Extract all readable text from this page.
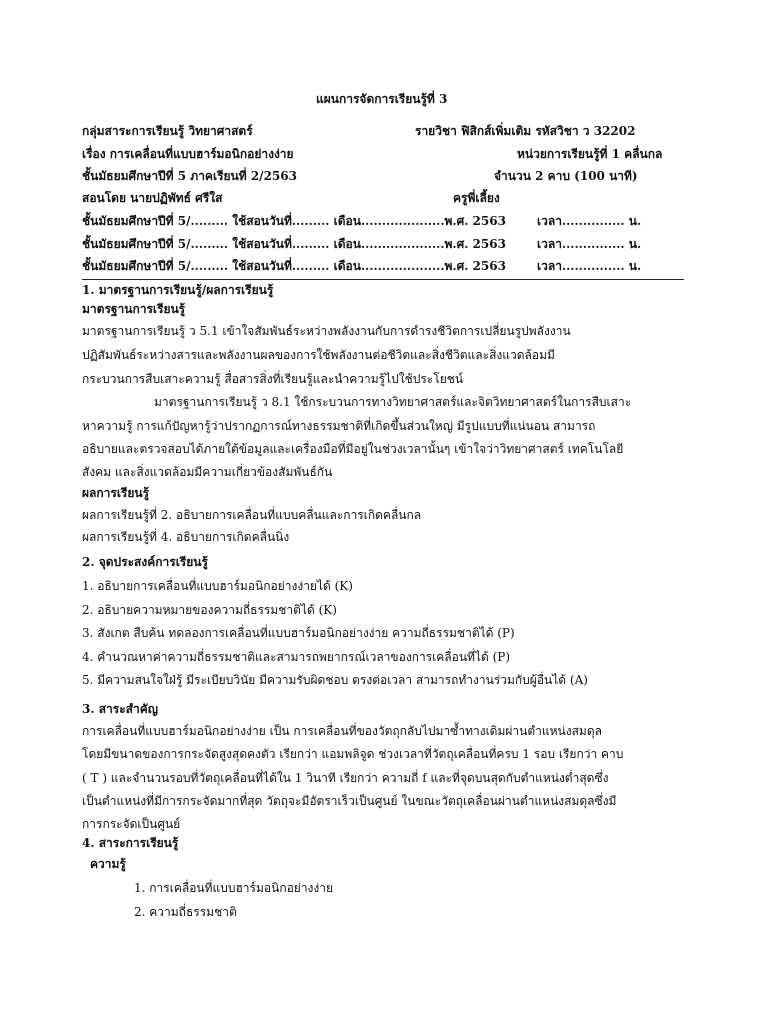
แผนการจัดการเรียนรู้ที่ 3
กลุ่มสาระการเรียนรู้ วิทยาศาสตร์	รายวิชา ฟิสิกส์เพิ่มเติม รหัสวิชา ว 32202
เรื่อง การเคลื่อนที่แบบฮาร์มอนิกอย่างง่าย	หน่วยการเรียนรู้ที่ 1 คลื่นกล
ชั้นมัธยมศึกษาปีที่ 5 ภาคเรียนที่ 2/2563	จำนวน 2 คาบ (100 นาที)
สอนโดย นายปฏิพัทธ์ ศรีใส	ครูพี่เลี้ยง
ชั้นมัธยมศึกษาปีที่ 5/......... ใช้สอนวันที่......... เดือน....................พ.ศ. 2563	เวลา............... น.
ชั้นมัธยมศึกษาปีที่ 5/......... ใช้สอนวันที่......... เดือน....................พ.ศ. 2563	เวลา............... น.
ชั้นมัธยมศึกษาปีที่ 5/......... ใช้สอนวันที่......... เดือน....................พ.ศ. 2563	เวลา............... น.
1. มาตรฐานการเรียนรู้/ผลการเรียนรู้
มาตรฐานการเรียนรู้
มาตรฐานการเรียนรู้ ว 5.1 เข้าใจสัมพันธ์ระหว่างพลังงานกับการดำรงชีวิตการเปลี่ยนรูปพลังงาน
ปฏิสัมพันธ์ระหว่างสารและพลังงานผลของการใช้พลังงานต่อชีวิตและสิ่งชีวิตและสิ่งแวดล้อมมี
กระบวนการสืบเสาะความรู้ สื่อสารสิ่งที่เรียนรู้และนำความรู้ไปใช้ประโยชน์
มาตรฐานการเรียนรู้ ว 8.1 ใช้กระบวนการทางวิทยาศาสตร์และจิตวิทยาศาสตร์ในการสืบเสาะ
หาความรู้ การแก้ปัญหารู้ว่าปรากฏการณ์ทางธรรมชาติที่เกิดขึ้นส่วนใหญ่ มีรูปแบบที่แน่นอน สามารถ
อธิบายและตรวจสอบได้ภายใต้ข้อมูลและเครื่องมือที่มีอยู่ในช่วงเวลานั้นๆ เข้าใจว่าวิทยาศาสตร์ เทคโนโลยี
สังคม และสิ่งแวดล้อมมีความเกี่ยวข้องสัมพันธ์กัน
ผลการเรียนรู้
ผลการเรียนรู้ที่ 2. อธิบายการเคลื่อนที่แบบคลื่นและการเกิดคลื่นกล
ผลการเรียนรู้ที่ 4. อธิบายการเกิดคลื่นนิ่ง
2. จุดประสงค์การเรียนรู้
1. อธิบายการเคลื่อนที่แบบฮาร์มอนิกอย่างง่ายได้ (K)
2. อธิบายความหมายของความถี่ธรรมชาติได้ (K)
3. สังเกต สืบค้น ทดลองการเคลื่อนที่แบบฮาร์มอนิกอย่างง่าย ความถี่ธรรมชาติได้ (P)
4. คำนวณหาค่าความถี่ธรรมชาติและสามารถพยากรณ์เวลาของการเคลื่อนที่ได้ (P)
5. มีความสนใจใฝ่รู้ มีระเบียบวินัย มีความรับผิดชอบ ตรงต่อเวลา สามารถทำงานร่วมกับผู้อื่นได้ (A)
3. สาระสำคัญ
การเคลื่อนที่แบบฮาร์มอนิกอย่างง่าย เป็น การเคลื่อนที่ของวัตถุกลับไปมาซ้ำทางเดิมผ่านตำแหน่งสมดุล
โดยมีขนาดของการกระจัดสูงสุดคงตัว เรียกว่า แอมพลิจูด ช่วงเวลาที่วัตถุเคลื่อนที่ครบ 1 รอบ เรียกว่า คาบ
( T ) และจำนวนรอบที่วัตถุเคลื่อนที่ได้ใน 1 วินาที เรียกว่า ความถี่ f และที่จุดบนสุดกับตำแหน่งต่ำสุดซึ่ง
เป็นตำแหน่งที่มีการกระจัดมากที่สุด วัตถุจะมีอัตราเร็วเป็นศูนย์ ในขณะวัตถุเคลื่อนผ่านตำแหน่งสมดุลซึ่งมี
การกระจัดเป็นศูนย์
4. สาระการเรียนรู้
ความรู้
1. การเคลื่อนที่แบบฮาร์มอนิกอย่างง่าย
2. ความถี่ธรรมชาติ
